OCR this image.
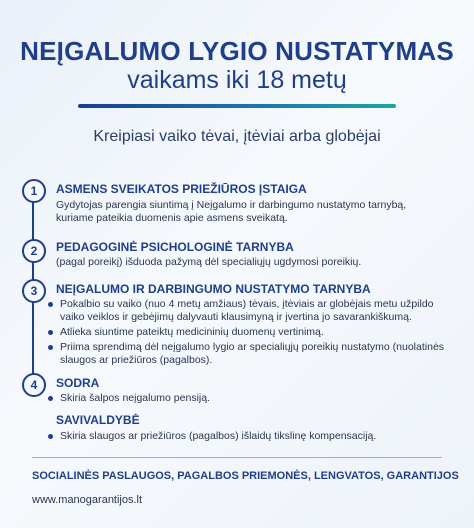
NEĮGALUMO LYGIO NUSTATYMAS
vaikams iki 18 metų
Kreipiasi vaiko tėvai, įtėviai arba globėjai
1	ASMENS SVEIKATOS PRIEŽIŪROS ĮSTAIGA
Gydytojas parengia siuntimą į Neįgalumo ir darbingumo nustatymo tarnybą, kuriame pateikia duomenis apie asmens sveikatą.
2	PEDAGOGINĖ PSICHOLOGINĖ TARNYBA
(pagal poreikį) išduoda pažymą dėl specialiųjų ugdymosi poreikių.
3	NEĮGALUMO IR DARBINGUMO NUSTATYMO TARNYBA
Pokalbio su vaiko (nuo 4 metų amžiaus) tėvais, įtėviais ar globėjais metu užpildo vaiko veiklos ir gebėjimų dalyvauti klausimyną ir įvertina jo savarankiškumą.
Atlieka siuntime pateiktų medicininių duomenų vertinimą.
Priima sprendimą dėl neįgalumo lygio ar specialiųjų poreikių nustatymo (nuolatinės slaugos ar priežiūros (pagalbos).
4	SODRA
Skiria šalpos neįgalumo pensiją.
SAVIVALDYBĖ
Skiria slaugos ar priežiūros (pagalbos) išlaidų tikslinę kompensaciją.
SOCIALINĖS PASLAUGOS, PAGALBOS PRIEMONĖS, LENGVATOS, GARANTIJOS
www.manogarantijos.lt
